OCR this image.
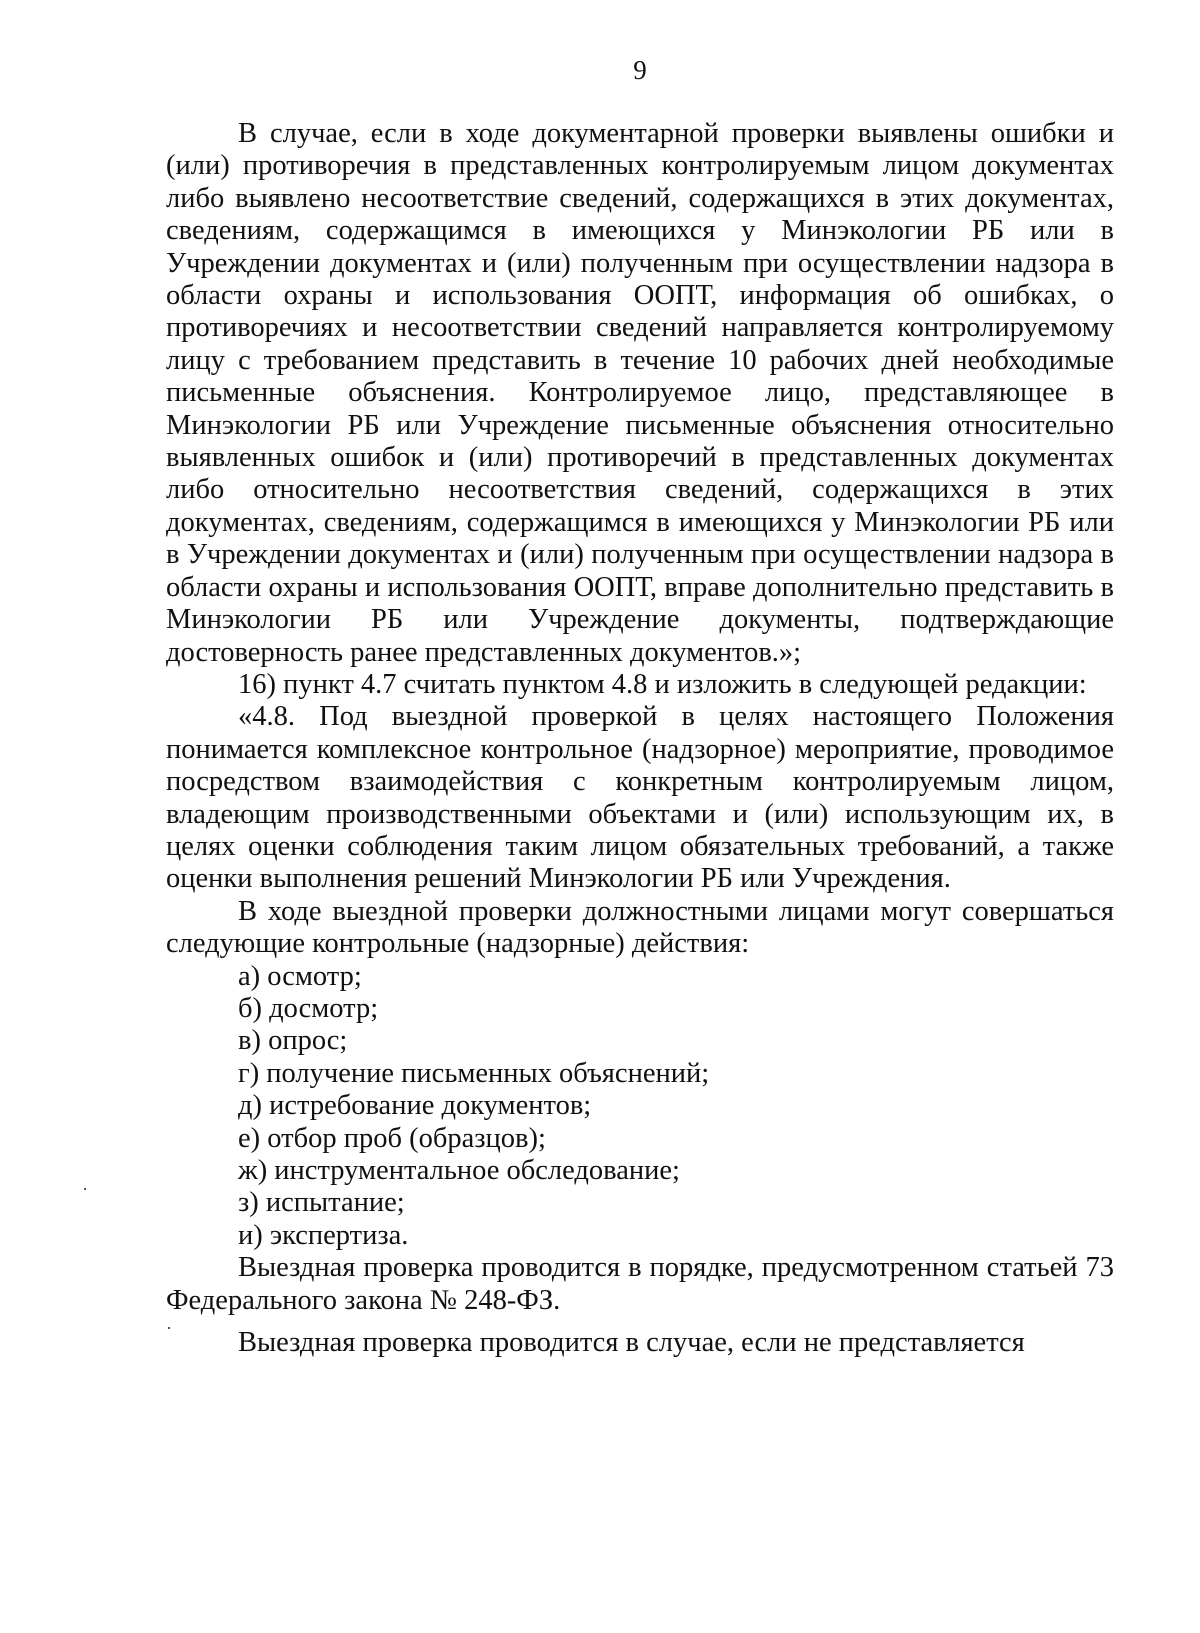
9

В случае, если в ходе документарной проверки выявлены ошибки и (или) противоречия в представленных контролируемым лицом документах либо выявлено несоответствие сведений, содержащихся в этих документах, сведениям, содержащимся в имеющихся у Минэкологии РБ или в Учреждении документах и (или) полученным при осуществлении надзора в области охраны и использования ООПТ, информация об ошибках, о противоречиях и несоответствии сведений направляется контролируемому лицу с требованием представить в течение 10 рабочих дней необходимые письменные объяснения. Контролируемое лицо, представляющее в Минэкологии РБ или Учреждение письменные объяснения относительно выявленных ошибок и (или) противоречий в представленных документах либо относительно несоответствия сведений, содержащихся в этих документах, сведениям, содержащимся в имеющихся у Минэкологии РБ или в Учреждении документах и (или) полученным при осуществлении надзора в области охраны и использования ООПТ, вправе дополнительно представить в Минэкологии РБ или Учреждение документы, подтверждающие достоверность ранее представленных документов.»;

16) пункт 4.7 считать пунктом 4.8 и изложить в следующей редакции:

«4.8. Под выездной проверкой в целях настоящего Положения понимается комплексное контрольное (надзорное) мероприятие, проводимое посредством взаимодействия с конкретным контролируемым лицом, владеющим производственными объектами и (или) использующим их, в целях оценки соблюдения таким лицом обязательных требований, а также оценки выполнения решений Минэкологии РБ или Учреждения.

В ходе выездной проверки должностными лицами могут совершаться следующие контрольные (надзорные) действия:

а) осмотр;

б) досмотр;

в) опрос;

г) получение письменных объяснений;

д) истребование документов;

е) отбор проб (образцов);

ж) инструментальное обследование;

з) испытание;

и) экспертиза.

Выездная проверка проводится в порядке, предусмотренном статьей 73 Федерального закона № 248-ФЗ.

Выездная проверка проводится в случае, если не представляется
